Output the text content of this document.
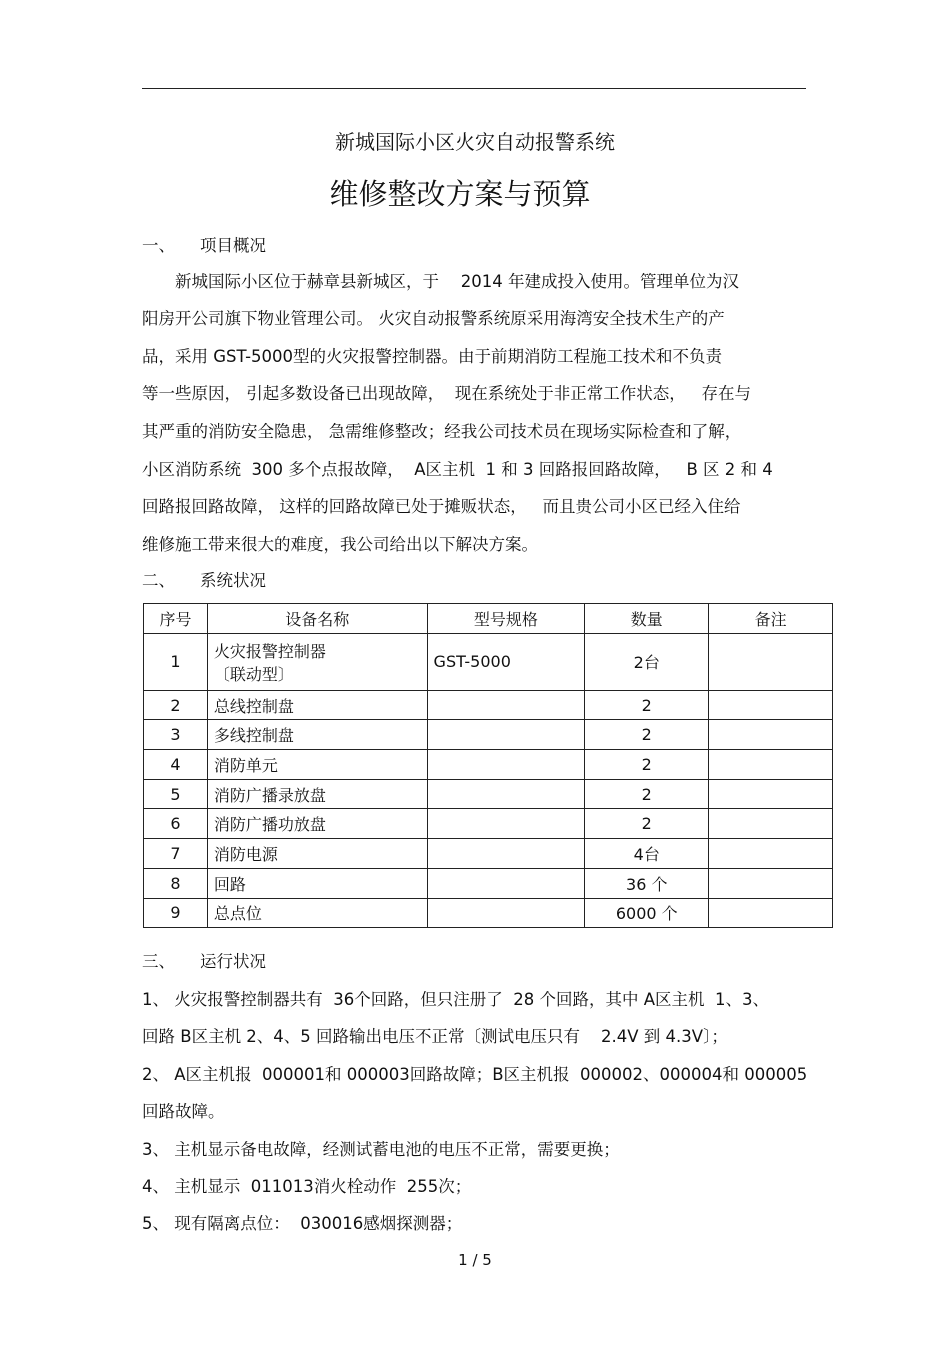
新城国际小区火灾自动报警系统
维修整改方案与预算
一、 项目概况
　　新城国际小区位于赫章县新城区，于　 2014 年建成投入使用。管理单位为汉
阳房开公司旗下物业管理公司。 火灾自动报警系统原采用海湾安全技术生产的产
品，采用 GST-5000型的火灾报警控制器。由于前期消防工程施工技术和不负责
等一些原因， 引起多数设备已出现故障，  现在系统处于非正常工作状态，   存在与
其严重的消防安全隐患， 急需维修整改；经我公司技术员在现场实际检查和了解，
小区消防系统  300 多个点报故障，  A区主机  1 和 3 回路报回路故障，   B 区 2 和 4
回路报回路故障， 这样的回路故障已处于摊贩状态，   而且贵公司小区已经入住给
维修施工带来很大的难度，我公司给出以下解决方案。
二、 系统状况
序号	设备名称	型号规格	数量	备注
1	火灾报警控制器
〔联动型〕	GST-5000	2台	
2	总线控制盘		2	
3	多线控制盘		2	
4	消防单元		2	
5	消防广播录放盘		2	
6	消防广播功放盘		2	
7	消防电源		4台	
8	回路		36 个	
9	总点位		6000 个	
三、 运行状况
1、 火灾报警控制器共有  36个回路，但只注册了  28 个回路，其中 A区主机  1、3、
回路 B区主机 2、4、5 回路输出电压不正常〔测试电压只有    2.4V 到 4.3V〕；
2、 A区主机报  000001和 000003回路故障；B区主机报  000002、000004和 000005
回路故障。
3、 主机显示备电故障，经测试蓄电池的电压不正常，需要更换；
4、 主机显示  011013消火栓动作  255次；
5、 现有隔离点位：  030016感烟探测器；
1 / 5
